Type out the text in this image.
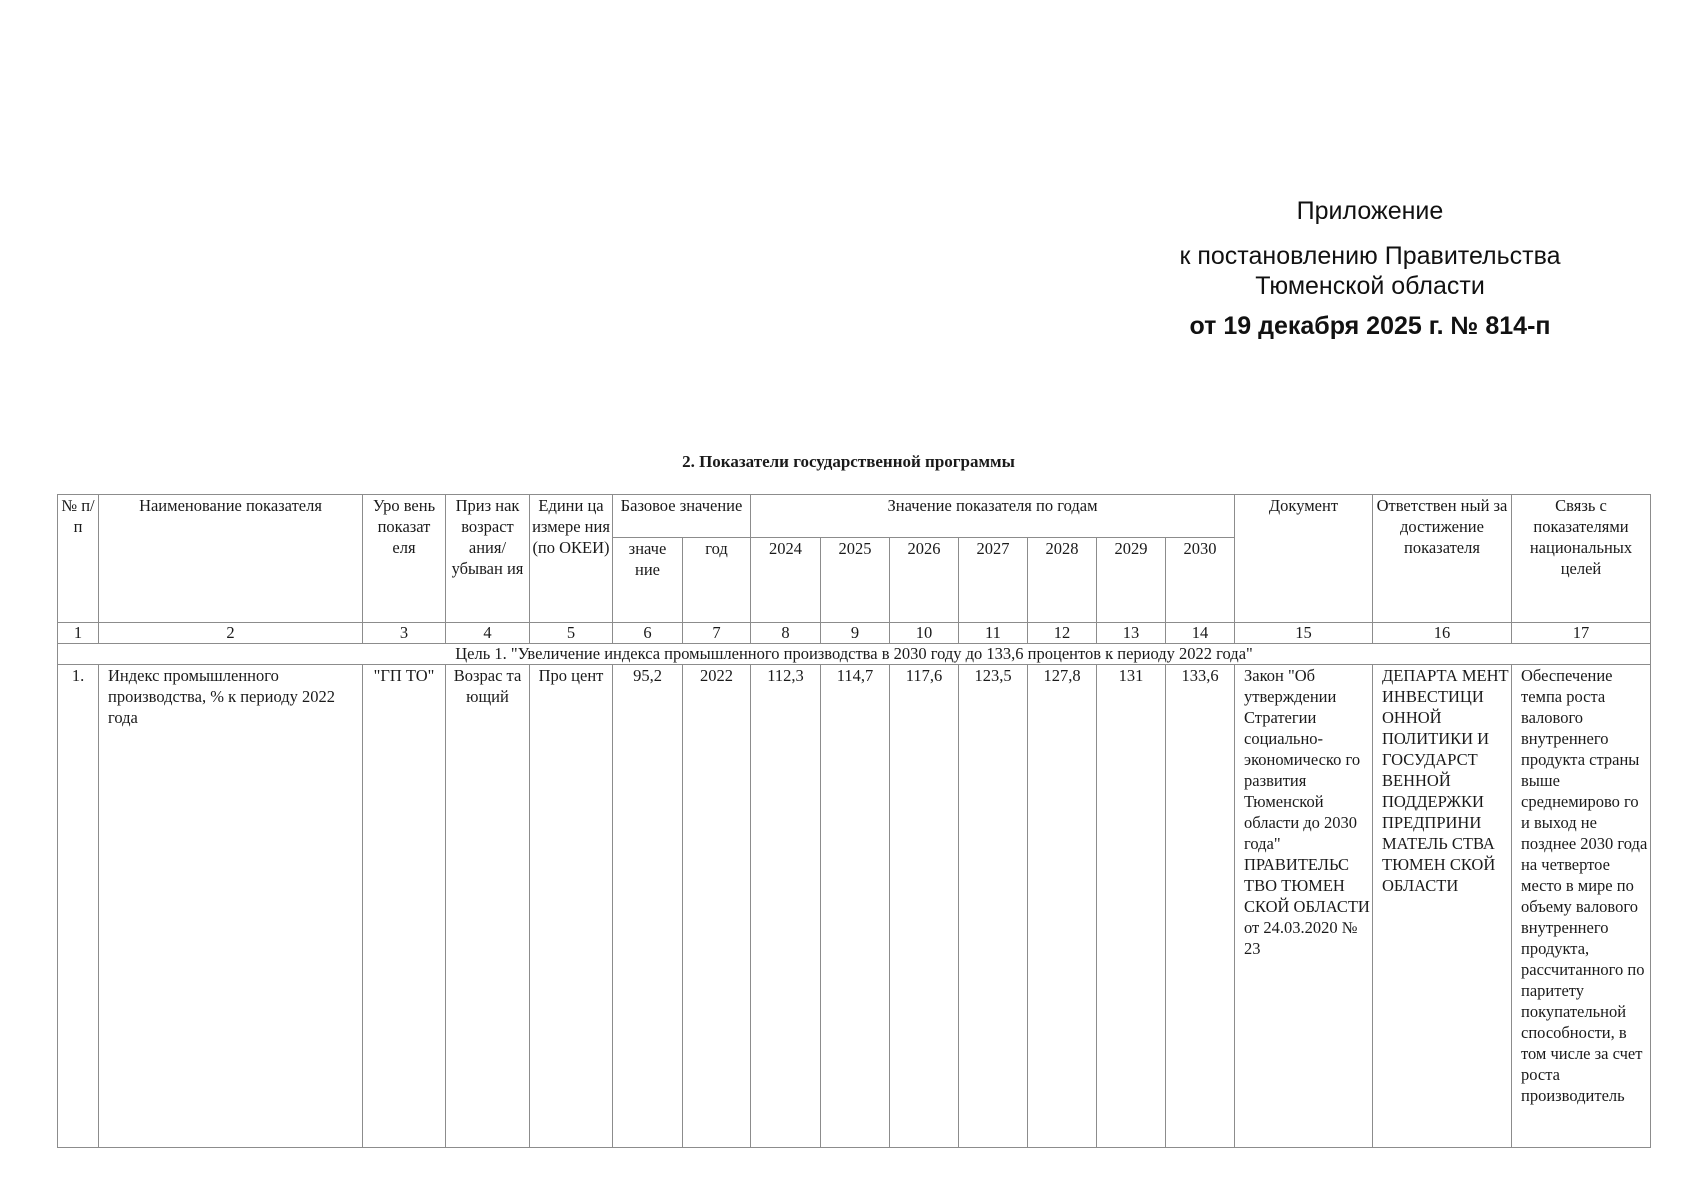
Приложение
к постановлению Правительства
Тюменской области
от 19 декабря 2025 г. № 814-п
2. Показатели государственной программы
№ п/п	Наименование показателя	Уро вень показат еля	Приз нак возраст ания/ убыван ия	Едини ца измере ния (по ОКЕИ)	Базовое значение		Значение показателя по годам							Документ	Ответствен ный за достижение показателя	Связь с показателями национальных целей
					значе ние	год	2024	2025	2026	2027	2028	2029	2030			
1	2	3	4	5	6	7	8	9	10	11	12	13	14	15	16	17
Цель 1. "Увеличение индекса промышленного производства в 2030 году до 133,6 процентов к периоду 2022 года"																
1.	Индекс промышленного производства, % к периоду 2022 года	"ГП ТО"	Возрас та ющий	Про цент	95,2	2022	112,3	114,7	117,6	123,5	127,8	131	133,6	Закон "Об утверждении Стратегии социально-экономическо го развития Тюменской области до 2030 года" ПРАВИТЕЛЬС ТВО ТЮМЕН СКОЙ ОБЛАСТИ от 24.03.2020 № 23	ДЕПАРТА МЕНТ ИНВЕСТИЦИ ОННОЙ ПОЛИТИКИ И ГОСУДАРСТ ВЕННОЙ ПОДДЕРЖКИ ПРЕДПРИНИ МАТЕЛЬ СТВА ТЮМЕН СКОЙ ОБЛАСТИ	Обеспечение темпа роста валового внутреннего продукта страны выше среднемирово го и выход не позднее 2030 года на четвертое место в мире по объему валового внутреннего продукта, рассчитанного по паритету покупательной способности, в том числе за счет роста производитель
